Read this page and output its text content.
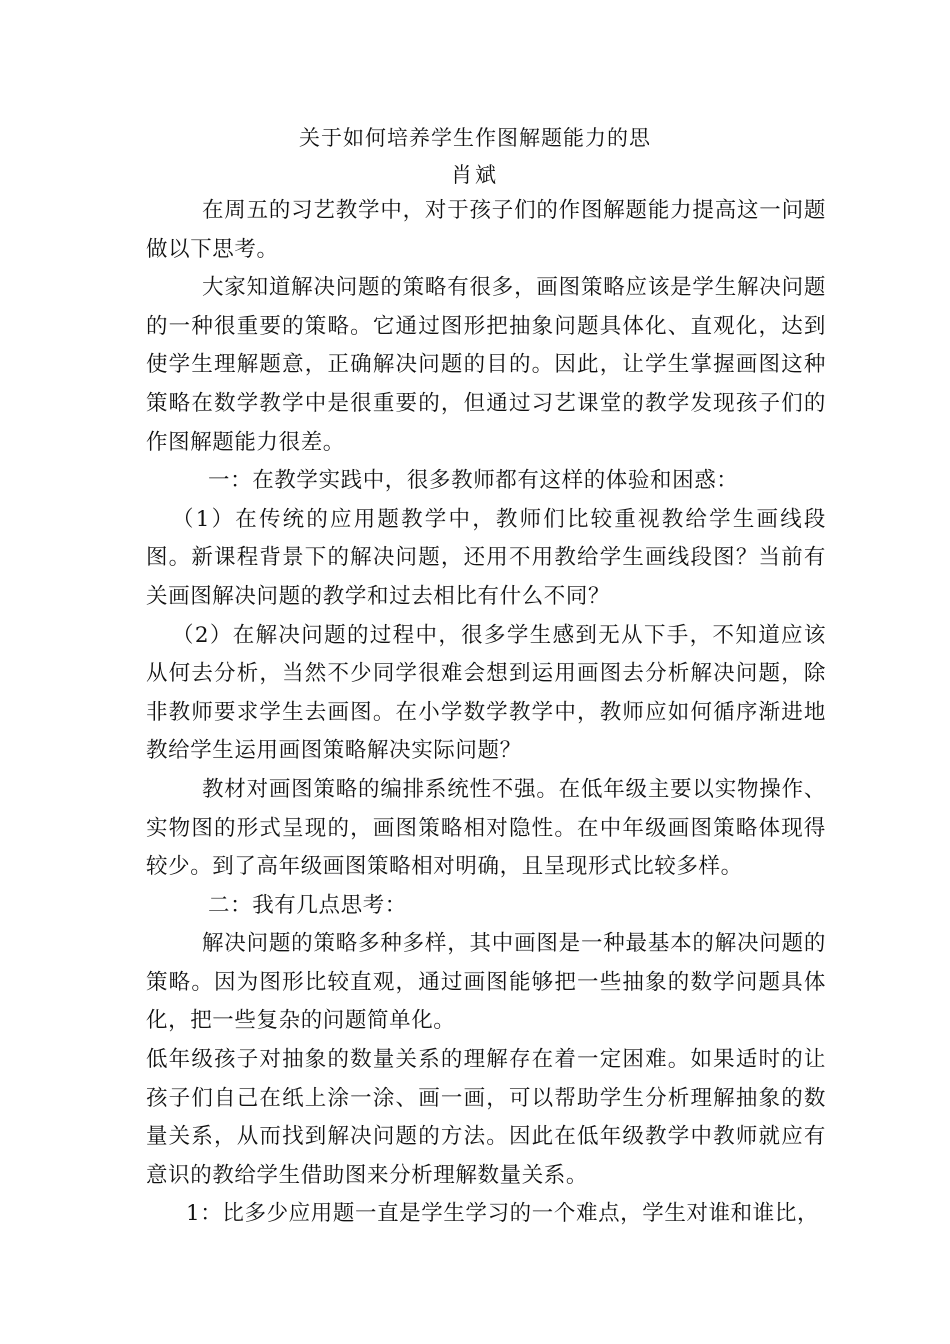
关于如何培养学生作图解题能力的思
肖斌

在周五的习艺教学中，对于孩子们的作图解题能力提高这一问题做以下思考。

大家知道解决问题的策略有很多，画图策略应该是学生解决问题的一种很重要的策略。它通过图形把抽象问题具体化、直观化，达到使学生理解题意，正确解决问题的目的。因此，让学生掌握画图这种策略在数学教学中是很重要的，但通过习艺课堂的教学发现孩子们的作图解题能力很差。

一：在教学实践中，很多教师都有这样的体验和困惑：

（1）在传统的应用题教学中，教师们比较重视教给学生画线段图。新课程背景下的解决问题，还用不用教给学生画线段图？当前有关画图解决问题的教学和过去相比有什么不同？

（2）在解决问题的过程中，很多学生感到无从下手，不知道应该从何去分析，当然不少同学很难会想到运用画图去分析解决问题，除非教师要求学生去画图。在小学数学教学中，教师应如何循序渐进地教给学生运用画图策略解决实际问题？

教材对画图策略的编排系统性不强。在低年级主要以实物操作、实物图的形式呈现的，画图策略相对隐性。在中年级画图策略体现得较少。到了高年级画图策略相对明确，且呈现形式比较多样。

二：我有几点思考：

解决问题的策略多种多样，其中画图是一种最基本的解决问题的策略。因为图形比较直观，通过画图能够把一些抽象的数学问题具体化，把一些复杂的问题简单化。

低年级孩子对抽象的数量关系的理解存在着一定困难。如果适时的让孩子们自己在纸上涂一涂、画一画，可以帮助学生分析理解抽象的数量关系，从而找到解决问题的方法。因此在低年级教学中教师就应有意识的教给学生借助图来分析理解数量关系。

1：比多少应用题一直是学生学习的一个难点，学生对谁和谁比，
